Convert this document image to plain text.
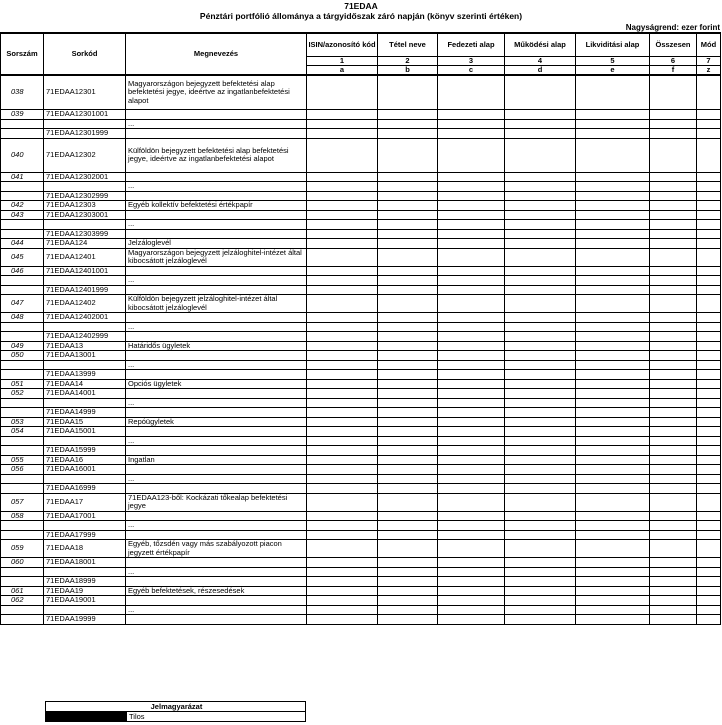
71EDAA
Pénztári portfólió állománya a tárgyidőszak záró napján (könyv szerinti értéken)
Nagyságrend: ezer forint
Sorszám	Sorkód	Megnevezés	ISIN/azonosító kód	Tétel neve	Fedezeti alap	Működési alap	Likviditási alap	Összesen	Mód
			1	2	3	4	5	6	7
			a	b	c	d	e	f	z
038	71EDAA12301	Magyarországon bejegyzett befektetési alap befektetési jegye, ideértve az ingatlanbefektetési alapot							
039	71EDAA12301001								
		...							
	71EDAA12301999								
040	71EDAA12302	Külföldön bejegyzett befektetési alap befektetési jegye, ideértve az ingatlanbefektetési alapot							
041	71EDAA12302001								
		...							
	71EDAA12302999								
042	71EDAA12303	Egyéb kollektív befektetési értékpapír							
043	71EDAA12303001								
		...							
	71EDAA12303999								
044	71EDAA124	Jelzáloglevél							
045	71EDAA12401	Magyarországon bejegyzett jelzáloghitel-intézet által kibocsátott jelzáloglevél							
046	71EDAA12401001								
		...							
	71EDAA12401999								
047	71EDAA12402	Külföldön bejegyzett jelzáloghitel-intézet által kibocsátott jelzáloglevél							
048	71EDAA12402001								
		...							
	71EDAA12402999								
049	71EDAA13	Határidős ügyletek							
050	71EDAA13001								
		...							
	71EDAA13999								
051	71EDAA14	Opciós ügyletek							
052	71EDAA14001								
		...							
	71EDAA14999								
053	71EDAA15	Repóügyletek							
054	71EDAA15001								
		...							
	71EDAA15999								
055	71EDAA16	Ingatlan							
056	71EDAA16001								
		...							
	71EDAA16999								
057	71EDAA17	71EDAA123-ből: Kockázati tőkealap befektetési jegye							
058	71EDAA17001								
		...							
	71EDAA17999								
059	71EDAA18	Egyéb, tőzsdén vagy más szabályozott piacon jegyzett értékpapír							
060	71EDAA18001								
		...							
	71EDAA18999								
061	71EDAA19	Egyéb befektetések, részesedések							
062	71EDAA19001								
		...							
	71EDAA19999								
Jelmagyarázat

	Tilos
